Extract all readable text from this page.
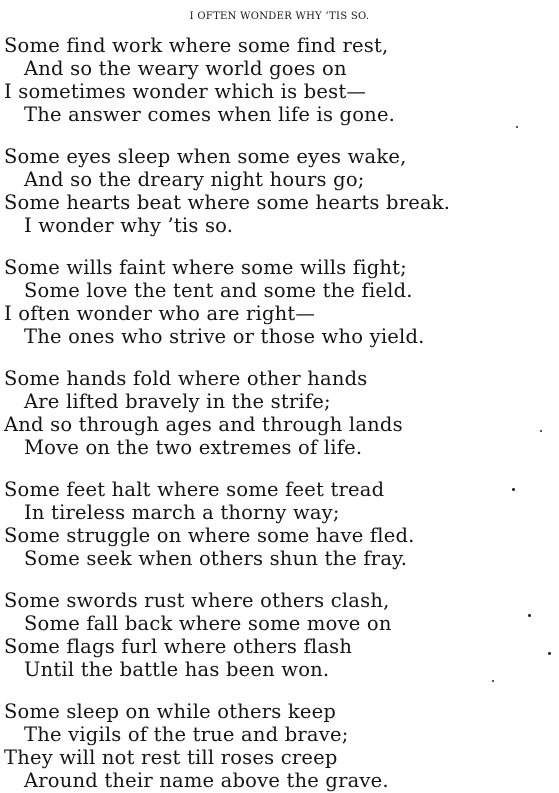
I OFTEN WONDER WHY ’TIS SO.
Some find work where some find rest,
And so the weary world goes on
I sometimes wonder which is best—
The answer comes when life is gone.
Some eyes sleep when some eyes wake,
And so the dreary night hours go;
Some hearts beat where some hearts break.
I wonder why ’tis so.
Some wills faint where some wills fight;
Some love the tent and some the field.
I often wonder who are right—
The ones who strive or those who yield.
Some hands fold where other hands
Are lifted bravely in the strife;
And so through ages and through lands
Move on the two extremes of life.
Some feet halt where some feet tread
In tireless march a thorny way;
Some struggle on where some have fled.
Some seek when others shun the fray.
Some swords rust where others clash,
Some fall back where some move on
Some flags furl where others flash
Until the battle has been won.
Some sleep on while others keep
The vigils of the true and brave;
They will not rest till roses creep
Around their name above the grave.
